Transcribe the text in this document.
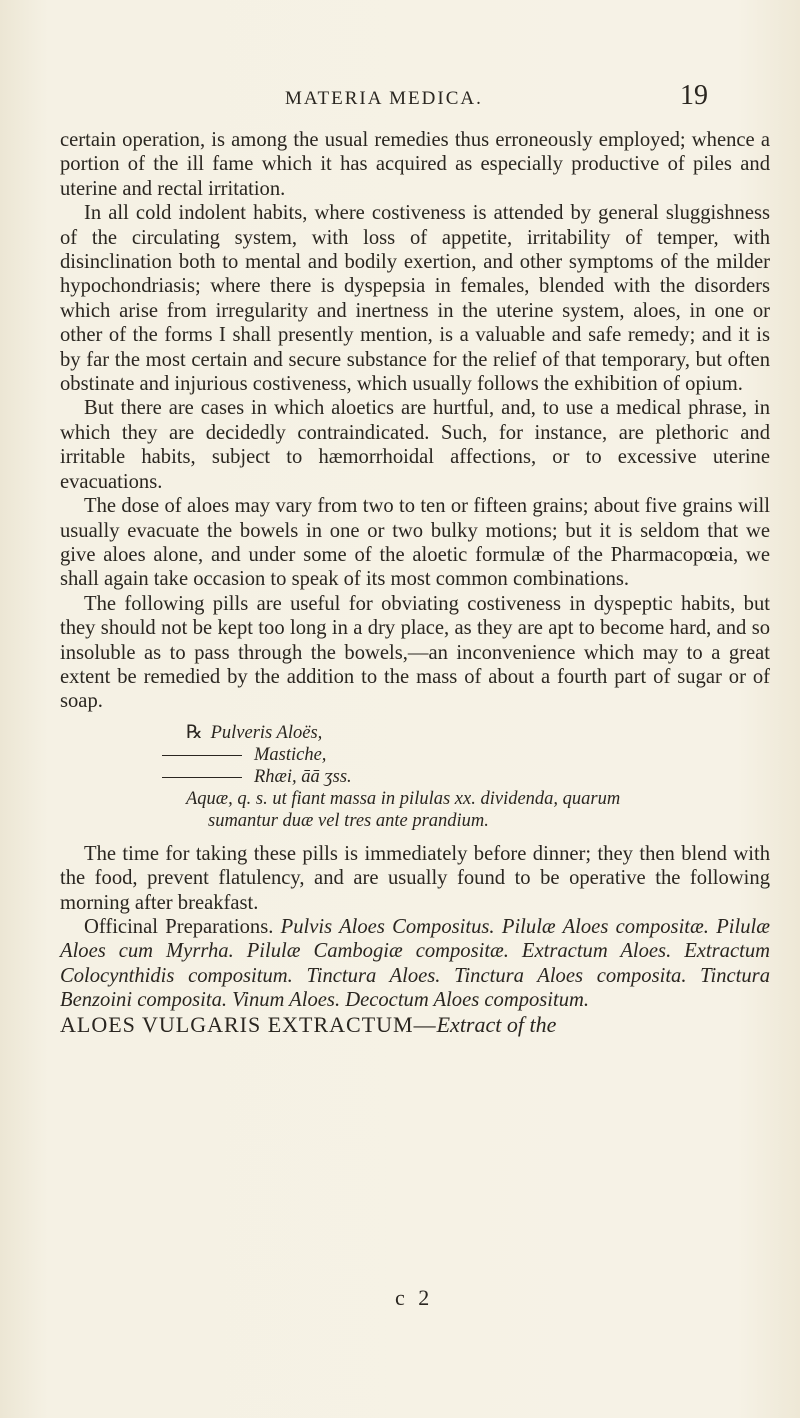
MATERIA MEDICA.	19

certain operation, is among the usual remedies thus erroneously employed; whence a portion of the ill fame which it has acquired as especially productive of piles and uterine and rectal irritation.

In all cold indolent habits, where costiveness is attended by general sluggishness of the circulating system, with loss of appetite, irritability of temper, with disinclination both to mental and bodily exertion, and other symptoms of the milder hypochondriasis; where there is dyspepsia in females, blended with the disorders which arise from irregularity and inertness in the uterine system, aloes, in one or other of the forms I shall presently mention, is a valuable and safe remedy; and it is by far the most certain and secure substance for the relief of that temporary, but often obstinate and injurious costiveness, which usually follows the exhibition of opium.

But there are cases in which aloetics are hurtful, and, to use a medical phrase, in which they are decidedly contraindicated. Such, for instance, are plethoric and irritable habits, subject to hæmorrhoidal affections, or to excessive uterine evacuations.

The dose of aloes may vary from two to ten or fifteen grains; about five grains will usually evacuate the bowels in one or two bulky motions; but it is seldom that we give aloes alone, and under some of the aloetic formulæ of the Pharmacopœia, we shall again take occasion to speak of its most common combinations.

The following pills are useful for obviating costiveness in dyspeptic habits, but they should not be kept too long in a dry place, as they are apt to become hard, and so insoluble as to pass through the bowels,—an inconvenience which may to a great extent be remedied by the addition to the mass of about a fourth part of sugar or of soap.

℞ Pulveris Aloës,
Mastiche,
Rhæi, āā ʒss.
Aquæ, q. s. ut fiant massa in pilulas xx. dividenda, quarum
sumantur duæ vel tres ante prandium.

The time for taking these pills is immediately before dinner; they then blend with the food, prevent flatulency, and are usually found to be operative the following morning after breakfast.

Officinal Preparations. Pulvis Aloes Compositus. Pilulæ Aloes compositæ. Pilulæ Aloes cum Myrrha. Pilulæ Cambogiæ compositæ. Extractum Aloes. Extractum Colocynthidis compositum. Tinctura Aloes. Tinctura Aloes composita. Tinctura Benzoini composita. Vinum Aloes. Decoctum Aloes compositum.

ALOES VULGARIS EXTRACTUM—Extract of the

c 2
